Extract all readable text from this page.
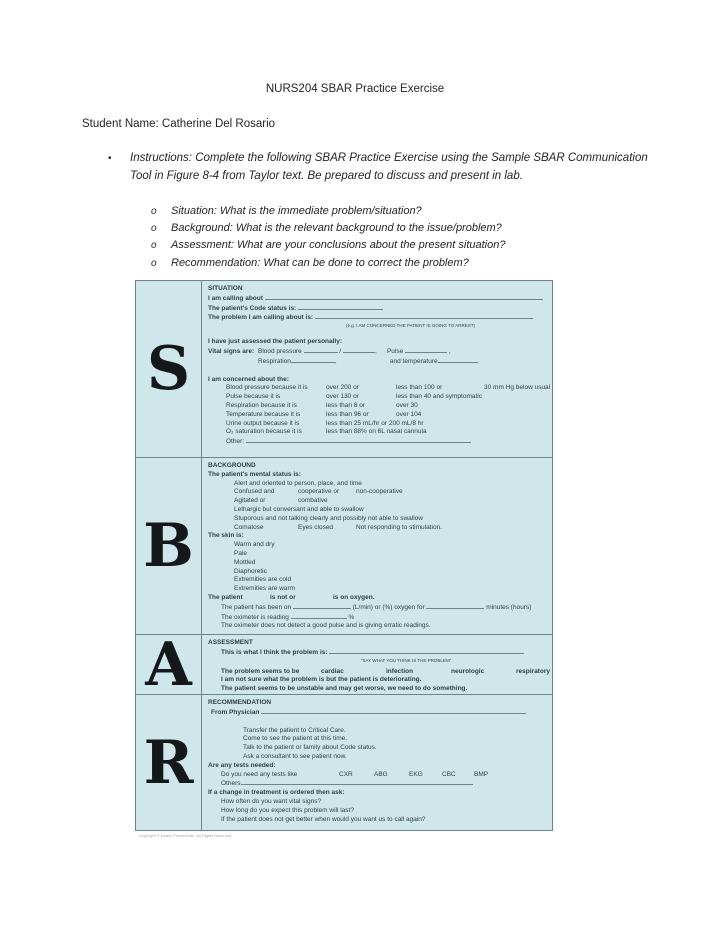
NURS204 SBAR Practice Exercise
Student Name: Catherine Del Rosario
• Instructions: Complete the following SBAR Practice Exercise using the Sample SBAR Communication Tool in Figure 8-4 from Taylor text. Be prepared to discuss and present in lab.
o Situation: What is the immediate problem/situation?
o Background: What is the relevant background to the issue/problem?
o Assessment: What are your conclusions about the present situation?
o Recommendation: What can be done to correct the problem?
S
SITUATION
I am calling about
The patient's Code status is:
The problem I am calling about is:
(e.g. I AM CONCERNED THE PATIENT IS GOING TO ARREST)
I have just assessed the patient personally:
Vital signs are: Blood pressure	/	, Pulse	,
Respiration	,	and temperature
I am concerned about the:
Blood pressure because it is	over 200 or	less than 100 or	30 mm Hg below usual
Pulse because it is	over 130 or	less than 40 and symptomatic
Respiration because it is	less than 8 or	over 30
Temperature because it is	less than 96 or	over 104
Urine output because it is	less than 25 mL/hr or 200 mL/8 hr
O₂ saturation because it is	less than 88% on 6L nasal cannula
Other:
B
BACKGROUND
The patient's mental status is:
Alert and oriented to person, place, and time
Confused and	cooperative or	non-cooperative
Agitated or	combative
Lethargic but conversant and able to swallow
Stuporous and not talking clearly and possibly not able to swallow
Comatose	Eyes closed	Not responding to stimulation.
The skin is:
Warm and dry
Pale
Mottled
Diaphoretic
Extremities are cold
Extremities are warm
The patient	is not or	is on oxygen.
The patient has been on	(L/min) or (%) oxygen for	minutes (hours)
The oximeter is reading	%
The oximeter does not detect a good pulse and is giving erratic readings.
A	ASSESSMENT
This is what I think the problem is:
“SAY WHAT YOU THINK IS THE PROBLEM”
The problem seems to be	cardiac	infection	neurologic	respiratory
I am not sure what the problem is but the patient is deteriorating.
The patient seems to be unstable and may get worse, we need to do something.
R
RECOMMENDATION
From Physician
Transfer the patient to Critical Care.
Come to see the patient at this time.
Talk to the patient or family about Code status.
Ask a consultant to see patient now.
Are any tests needed:
Do you need any tests like	CXR	ABG	EKG	CBC	BMP
Others
If a change in treatment is ordered then ask:
How often do you want vital signs?
How long do you expect this problem will last?
If the patient does not get better when would you want us to call again?
Copyright © Kaiser Permanente. All Rights Reserved.
